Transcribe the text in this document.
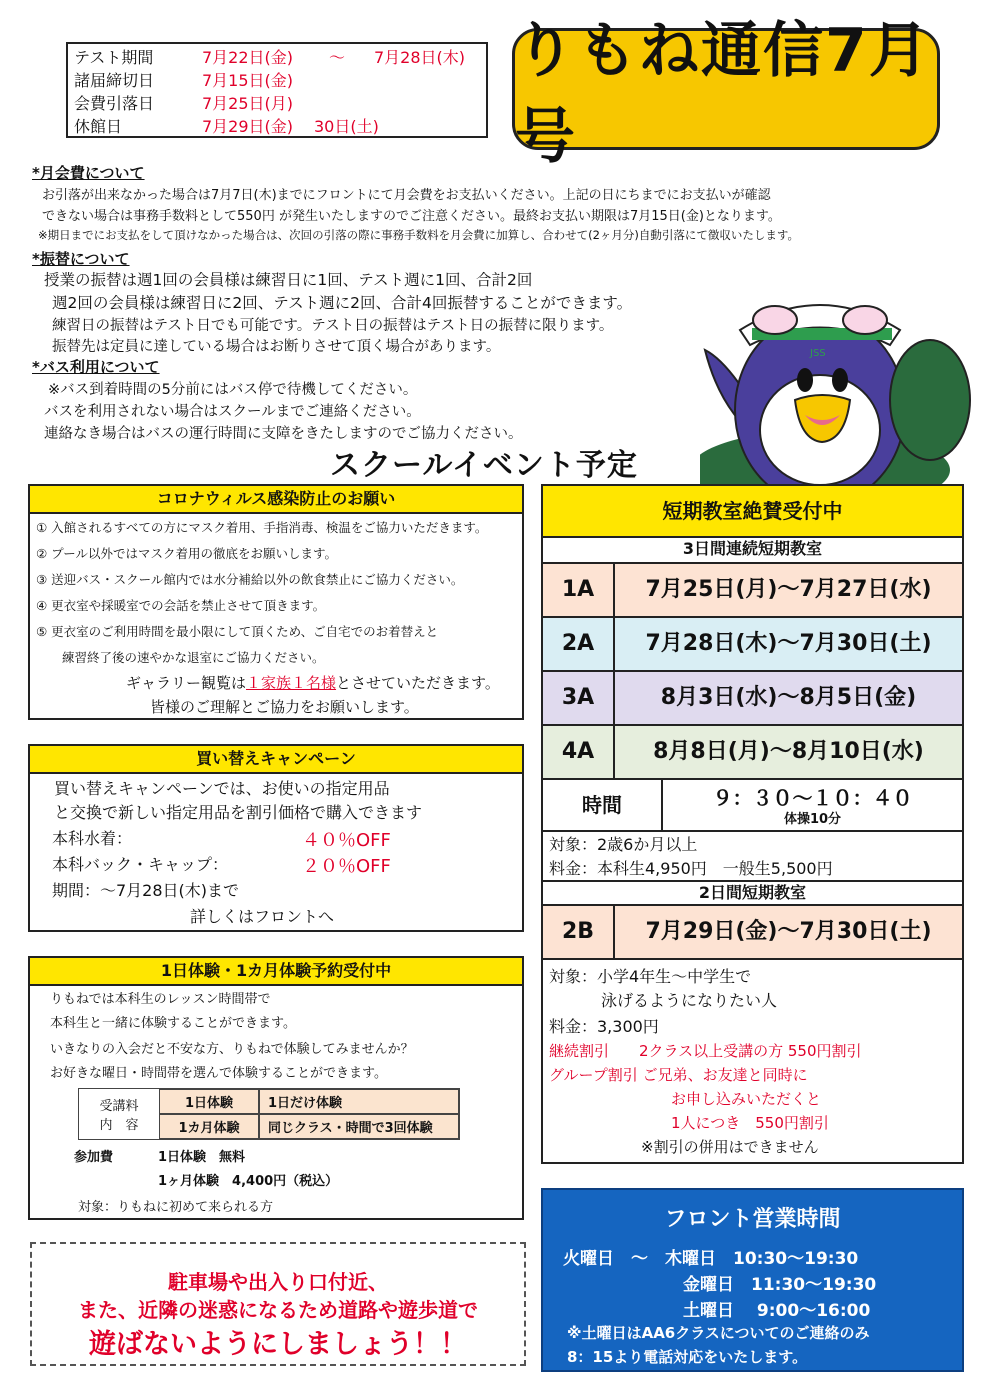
テスト期間	7月22日(金) ～ 7月28日(木)
諸届締切日	7月15日(金)
会費引落日	7月25日(月)
休館日	7月29日(金) 30日(土)
りもね通信7月号
*月会費について
お引落が出来なかった場合は7月7日(木)までにフロントにて月会費をお支払いください。上記の日にちまでにお支払いが確認
できない場合は事務手数料として550円 が発生いたしますのでご注意ください。最終お支払い期限は7月15日(金)となります。
※期日までにお支払をして頂けなかった場合は、次回の引落の際に事務手数料を月会費に加算し、合わせて(2ヶ月分)自動引落にて徴収いたします。
*振替について
授業の振替は週1回の会員様は練習日に1回、テスト週に1回、合計2回
週2回の会員様は練習日に2回、テスト週に2回、合計4回振替することができます。
練習日の振替はテスト日でも可能です。テスト日の振替はテスト日の振替に限ります。
振替先は定員に達している場合はお断りさせて頂く場合があります。
*バス利用について
※バス到着時間の5分前にはバス停で待機してください。
バスを利用されない場合はスクールまでご連絡ください。
連絡なき場合はバスの運行時間に支障をきたしますのでご協力ください。
JSS
スクールイベント予定
コロナウィルス感染防止のお願い
① 入館されるすべての方にマスク着用、手指消毒、検温をご協力いただきます。
② プール以外ではマスク着用の徹底をお願いします。
③ 送迎バス・スクール館内では水分補給以外の飲食禁止にご協力ください。
④ 更衣室や採暖室での会話を禁止させて頂きます。
⑤ 更衣室のご利用時間を最小限にして頂くため、ご自宅でのお着替えと
練習終了後の速やかな退室にご協力ください。
ギャラリー観覧は１家族１名様とさせていただきます。
皆様のご理解とご協力をお願いします。
買い替えキャンペーン
買い替えキャンペーンでは、お使いの指定用品
と交換で新しい指定用品を割引価格で購入できます
本科水着：	４０％OFF
本科バック・キャップ：	２０％OFF
期間：～7月28日(木)まで
詳しくはフロントへ
1日体験・1カ月体験予約受付中
りもねでは本科生のレッスン時間帯で
本科生と一緒に体験することができます。
いきなりの入会だと不安な方、りもねで体験してみませんか？
お好きな曜日・時間帯を選んで体験することができます。
受講料
内　容
1日体験	1日だけ体験
1カ月体験	同じクラス・時間で3回体験
参加費	1日体験　無料
1ヶ月体験　4,400円（税込）
対象：りもねに初めて来られる方
駐車場や出入り口付近、
また、近隣の迷惑になるため道路や遊歩道で
遊ばないようにしましょう！！
短期教室絶賛受付中
3日間連続短期教室
1A	7月25日(月)～7月27日(水)
2A	7月28日(木)～7月30日(土)
3A	8月3日(水)～8月5日(金)
4A	8月8日(月)～8月10日(水)
時間	９：３０～１０：４０
体操10分
対象：2歳6か月以上
料金：本科生4,950円　一般生5,500円
2日間短期教室
2B	7月29日(金)～7月30日(土)
対象：小学4年生～中学生で
泳げるようになりたい人
料金：3,300円
継続割引　　2クラス以上受講の方 550円割引
グループ割引 ご兄弟、お友達と同時に
お申し込みいただくと
1人につき　550円割引
※割引の併用はできません
フロント営業時間
火曜日　～　木曜日　10:30～19:30
金曜日　11:30～19:30
土曜日　 9:00～16:00
※土曜日はAA6クラスについてのご連絡のみ
8：15より電話対応をいたします。
